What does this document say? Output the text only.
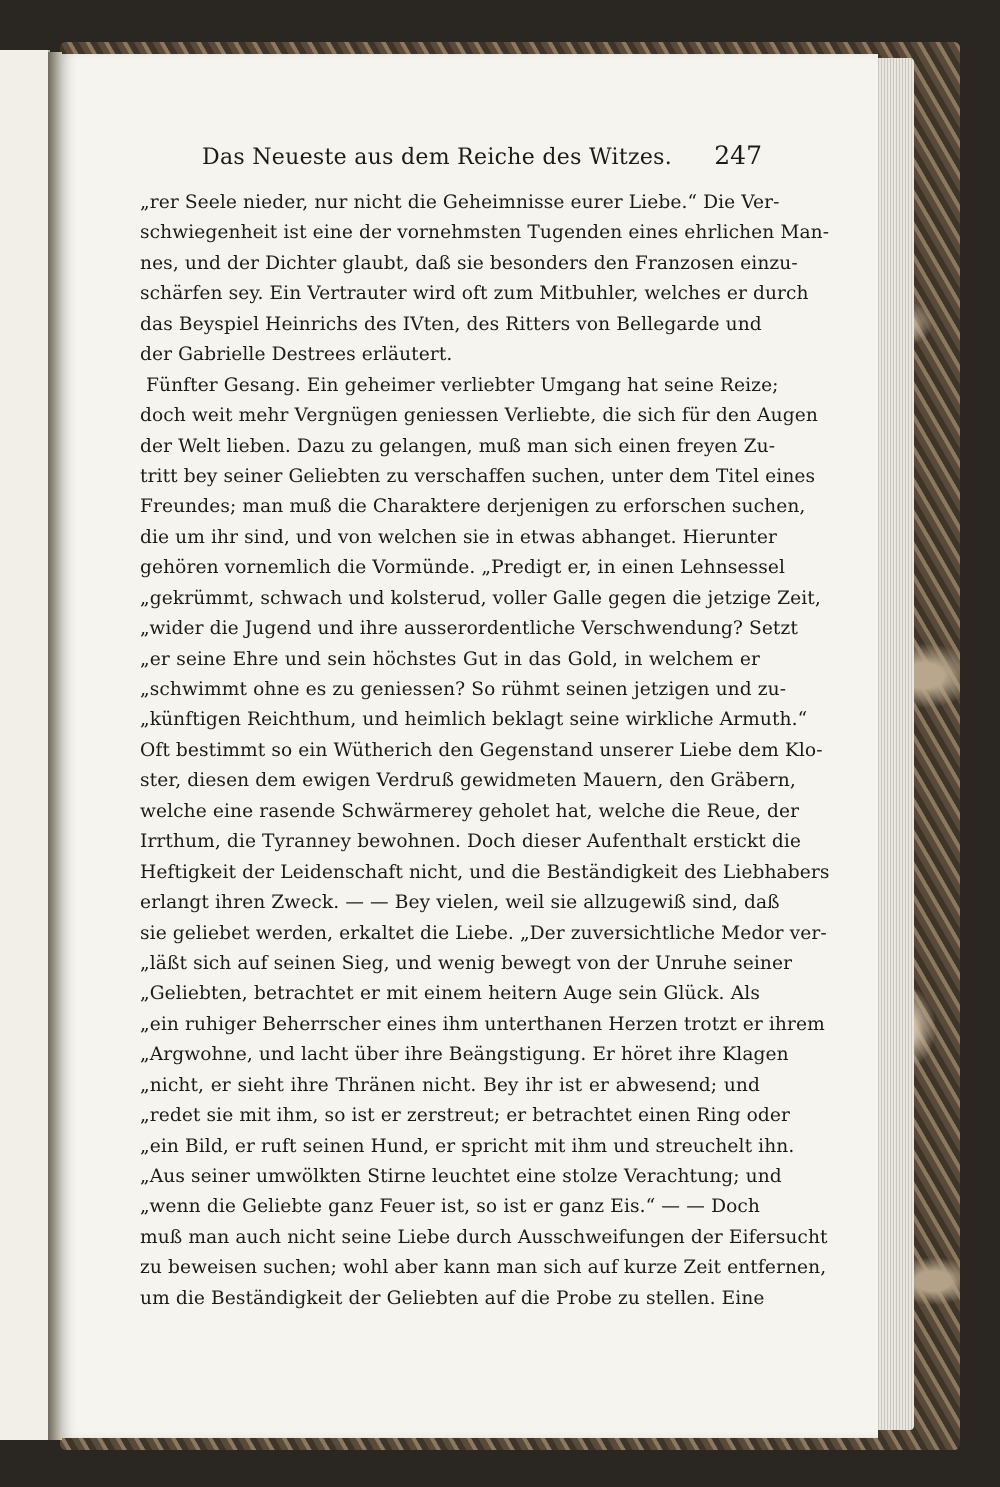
Das Neueste aus dem Reiche des Witzes. 247
„rer Seele nieder, nur nicht die Geheimnisse eurer Liebe.“ Die Ver-
schwiegenheit ist eine der vornehmsten Tugenden eines ehrlichen Man-
nes, und der Dichter glaubt, daß sie besonders den Franzosen einzu-
schärfen sey. Ein Vertrauter wird oft zum Mitbuhler, welches er durch
das Beyspiel Heinrichs des IVten, des Ritters von Bellegarde und
der Gabrielle Destrees erläutert.
Fünfter Gesang. Ein geheimer verliebter Umgang hat seine Reize;
doch weit mehr Vergnügen geniessen Verliebte, die sich für den Augen
der Welt lieben. Dazu zu gelangen, muß man sich einen freyen Zu-
tritt bey seiner Geliebten zu verschaffen suchen, unter dem Titel eines
Freundes; man muß die Charaktere derjenigen zu erforschen suchen,
die um ihr sind, und von welchen sie in etwas abhanget. Hierunter
gehören vornemlich die Vormünde. „Predigt er, in einen Lehnsessel
„gekrümmt, schwach und kolsterud, voller Galle gegen die jetzige Zeit,
„wider die Jugend und ihre ausserordentliche Verschwendung? Setzt
„er seine Ehre und sein höchstes Gut in das Gold, in welchem er
„schwimmt ohne es zu geniessen? So rühmt seinen jetzigen und zu-
„künftigen Reichthum, und heimlich beklagt seine wirkliche Armuth.“
Oft bestimmt so ein Wütherich den Gegenstand unserer Liebe dem Klo-
ster, diesen dem ewigen Verdruß gewidmeten Mauern, den Gräbern,
welche eine rasende Schwärmerey geholet hat, welche die Reue, der
Irrthum, die Tyranney bewohnen. Doch dieser Aufenthalt erstickt die
Heftigkeit der Leidenschaft nicht, und die Beständigkeit des Liebhabers
erlangt ihren Zweck. — — Bey vielen, weil sie allzugewiß sind, daß
sie geliebet werden, erkaltet die Liebe. „Der zuversichtliche Medor ver-
„läßt sich auf seinen Sieg, und wenig bewegt von der Unruhe seiner
„Geliebten, betrachtet er mit einem heitern Auge sein Glück. Als
„ein ruhiger Beherrscher eines ihm unterthanen Herzen trotzt er ihrem
„Argwohne, und lacht über ihre Beängstigung. Er höret ihre Klagen
„nicht, er sieht ihre Thränen nicht. Bey ihr ist er abwesend; und
„redet sie mit ihm, so ist er zerstreut; er betrachtet einen Ring oder
„ein Bild, er ruft seinen Hund, er spricht mit ihm und streuchelt ihn.
„Aus seiner umwölkten Stirne leuchtet eine stolze Verachtung; und
„wenn die Geliebte ganz Feuer ist, so ist er ganz Eis.“ — — Doch
muß man auch nicht seine Liebe durch Ausschweifungen der Eifersucht
zu beweisen suchen; wohl aber kann man sich auf kurze Zeit entfernen,
um die Beständigkeit der Geliebten auf die Probe zu stellen. Eine
